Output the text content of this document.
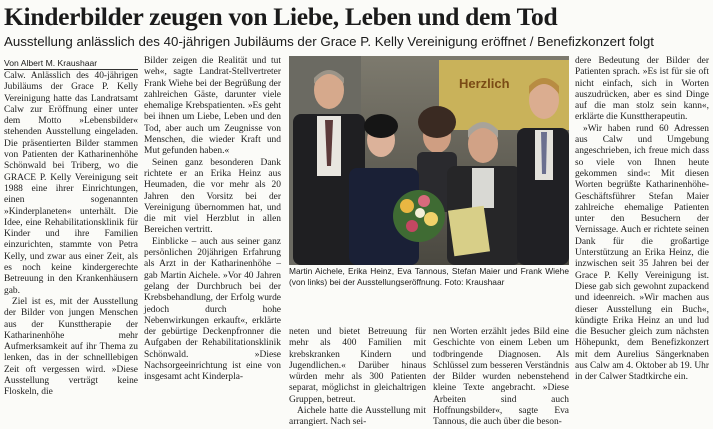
Kinderbilder zeugen von Liebe, Leben und dem Tod
Ausstellung anlässlich des 40-jährigen Jubiläums der Grace P. Kelly Vereinigung eröffnet / Benefizkonzert folgt
Von Albert M. Kraushaar

Calw. Anlässlich des 40-jährigen Jubiläums der Grace P. Kelly Vereinigung hatte das Landratsamt Calw zur Eröffnung einer unter dem Motto »Lebensbilder« stehenden Ausstellung eingeladen. Die präsentierten Bilder stammen von Patienten der Katharinenhöhe Schönwald bei Triberg, wo die GRACE P. Kelly Vereinigung seit 1988 eine ihrer Einrichtungen, einen sogenannten »Kinderplaneten« unterhält. Die Idee, eine Rehabilitationsklinik für Kinder und ihre Familien einzurichten, stammte von Petra Kelly, und zwar aus einer Zeit, als es noch keine kindergerechte Betreuung in den Krankenhäusern gab.

Ziel ist es, mit der Ausstellung der Bilder von jungen Menschen aus der Kunsttherapie der Katharinenhöhe mehr Aufmerksamkeit auf ihr Thema zu lenken, das in der schnelllebigen Zeit oft vergessen wird. »Diese Ausstellung verträgt keine Floskeln, die

Bilder zeigen die Realität und tut weh«, sagte Landrat-Stellvertreter Frank Wiehe bei der Begrüßung der zahlreichen Gäste, darunter viele ehemalige Krebspatienten. »Es geht bei ihnen um Liebe, Leben und den Tod, aber auch um Zeugnisse von Menschen, die wieder Kraft und Mut gefunden haben.«

Seinen ganz besonderen Dank richtete er an Erika Heinz aus Heumaden, die vor mehr als 20 Jahren den Vorsitz bei der Vereinigung übernommen hat, und die mit viel Herzblut in allen Bereichen vertritt.

Einblicke – auch aus seiner ganz persönlichen 20jährigen Erfahrung als Arzt in der Katharinenhöhe – gab Martin Aichele. »Vor 40 Jahren gelang der Durchbruch bei der Krebsbehandlung, der Erfolg wurde jedoch durch hohe Nebenwirkungen erkauft«, erklärte der gebürtige Deckenpfronner die Aufgaben der Rehabilitationsklinik Schönwald. »Diese Nachsorgeeinrichtung ist eine von insgesamt acht Kinderpla-

Herzlich
Martin Aichele, Erika Heinz, Eva Tannous, Stefan Maier und Frank Wiehe (von links) bei der Ausstellungseröffnung. Foto: Kraushaar

neten und bietet Betreuung für mehr als 400 Familien mit krebskranken Kindern und Jugendlichen.« Darüber hinaus würden mehr als 300 Patienten separat, möglichst in gleichaltrigen Gruppen, betreut.

Aichele hatte die Ausstellung mit arrangiert. Nach sei-

nen Worten erzählt jedes Bild eine Geschichte von einem Leben um todbringende Diagnosen. Als Schlüssel zum besseren Verständnis der Bilder wurden nebenstehend kleine Texte angebracht. »Diese Arbeiten sind auch Hoffnungsbilder«, sagte Eva Tannous, die auch über die beson-

dere Bedeutung der Bilder der Patienten sprach. »Es ist für sie oft nicht einfach, sich in Worten auszudrücken, aber es sind Dinge auf die man stolz sein kann«, erklärte die Kunsttherapeutin.

»Wir haben rund 60 Adressen aus Calw und Umgebung angeschrieben, ich freue mich dass so viele von Ihnen heute gekommen sind«: Mit diesen Worten begrüßte Katharinenhöhe-Geschäftsführer Stefan Maier zahlreiche ehemalige Patienten unter den Besuchern der Vernissage. Auch er richtete seinen Dank für die großartige Unterstützung an Erika Heinz, die inzwischen seit 35 Jahren bei der Grace P. Kelly Vereinigung ist. Diese gab sich gewohnt zupackend und ideenreich. »Wir machen aus dieser Ausstellung ein Buch«, kündigte Erika Heinz an und lud die Besucher gleich zum nächsten Höhepunkt, dem Benefizkonzert mit dem Aurelius Sängerknaben aus Calw am 4. Oktober ab 19. Uhr in der Calwer Stadtkirche ein.
